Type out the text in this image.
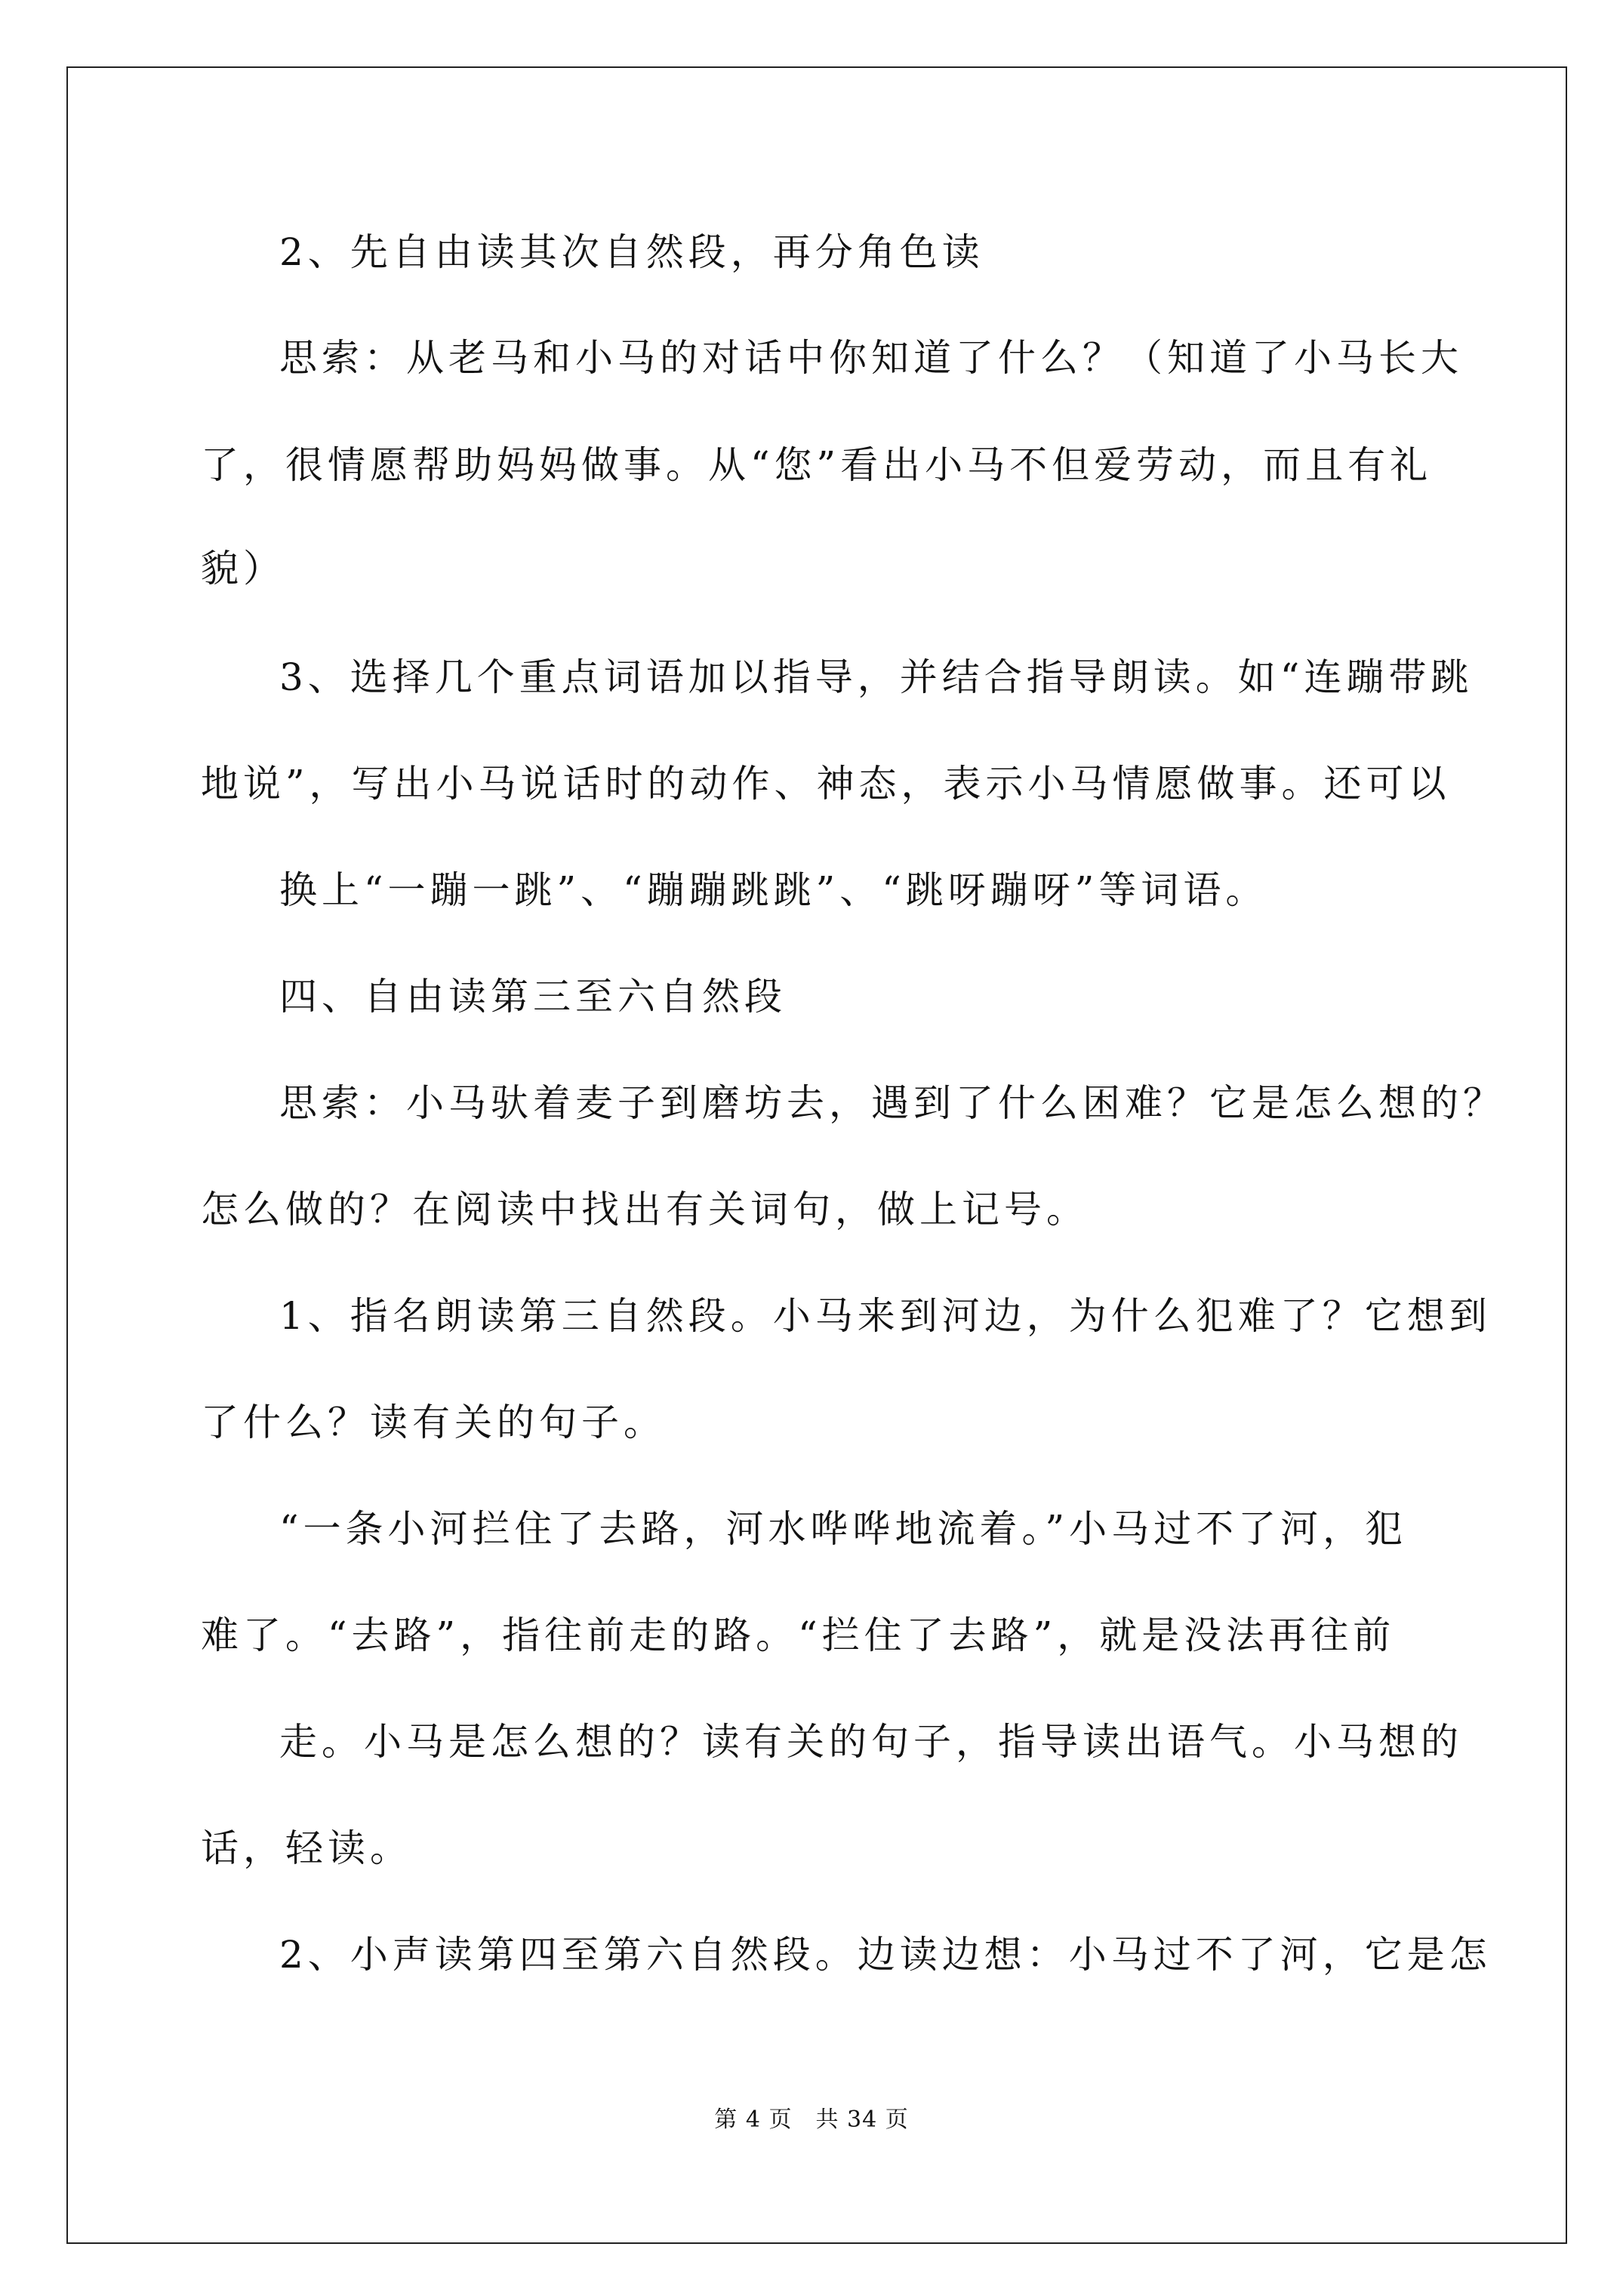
2、先自由读其次自然段，再分角色读
思索：从老马和小马的对话中你知道了什么？（知道了小马长大
了，很情愿帮助妈妈做事。从“您”看出小马不但爱劳动，而且有礼
貌）
3、选择几个重点词语加以指导，并结合指导朗读。如“连蹦带跳
地说”，写出小马说话时的动作、神态，表示小马情愿做事。还可以
换上“一蹦一跳”、“蹦蹦跳跳”、“跳呀蹦呀”等词语。
四、自由读第三至六自然段
思索：小马驮着麦子到磨坊去，遇到了什么困难？它是怎么想的？
怎么做的？在阅读中找出有关词句，做上记号。
1、指名朗读第三自然段。小马来到河边，为什么犯难了？它想到
了什么？读有关的句子。
“一条小河拦住了去路，河水哗哗地流着。”小马过不了河，犯
难了。“去路”，指往前走的路。“拦住了去路”，就是没法再往前
走。小马是怎么想的？读有关的句子，指导读出语气。小马想的
话，轻读。
2、小声读第四至第六自然段。边读边想：小马过不了河，它是怎
第 4 页　共 34 页
